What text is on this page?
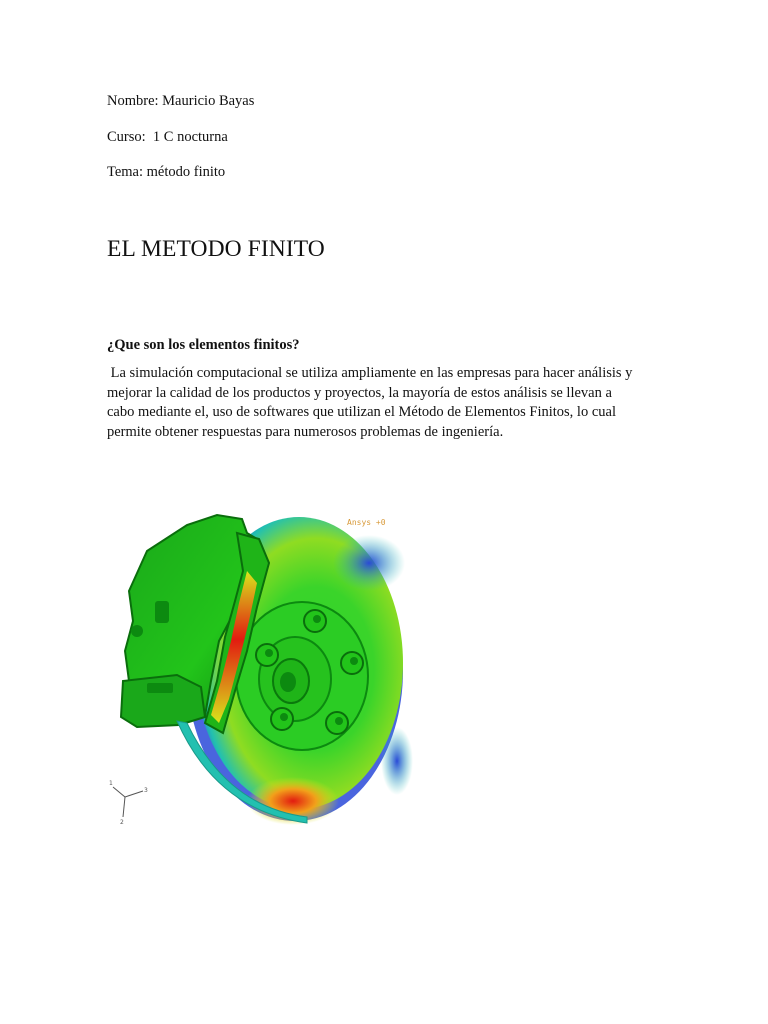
Nombre: Mauricio Bayas
Curso:  1 C nocturna
Tema: método finito
EL METODO FINITO
¿Que son los elementos finitos?

La simulación computacional se utiliza ampliamente en las empresas para hacer análisis y
mejorar la calidad de los productos y proyectos, la mayoría de estos análisis se llevan a
cabo mediante el, uso de softwares que utilizan el Método de Elementos Finitos, lo cual
permite obtener respuestas para numerosos problemas de ingeniería.

Ansys +0
1
3
2
